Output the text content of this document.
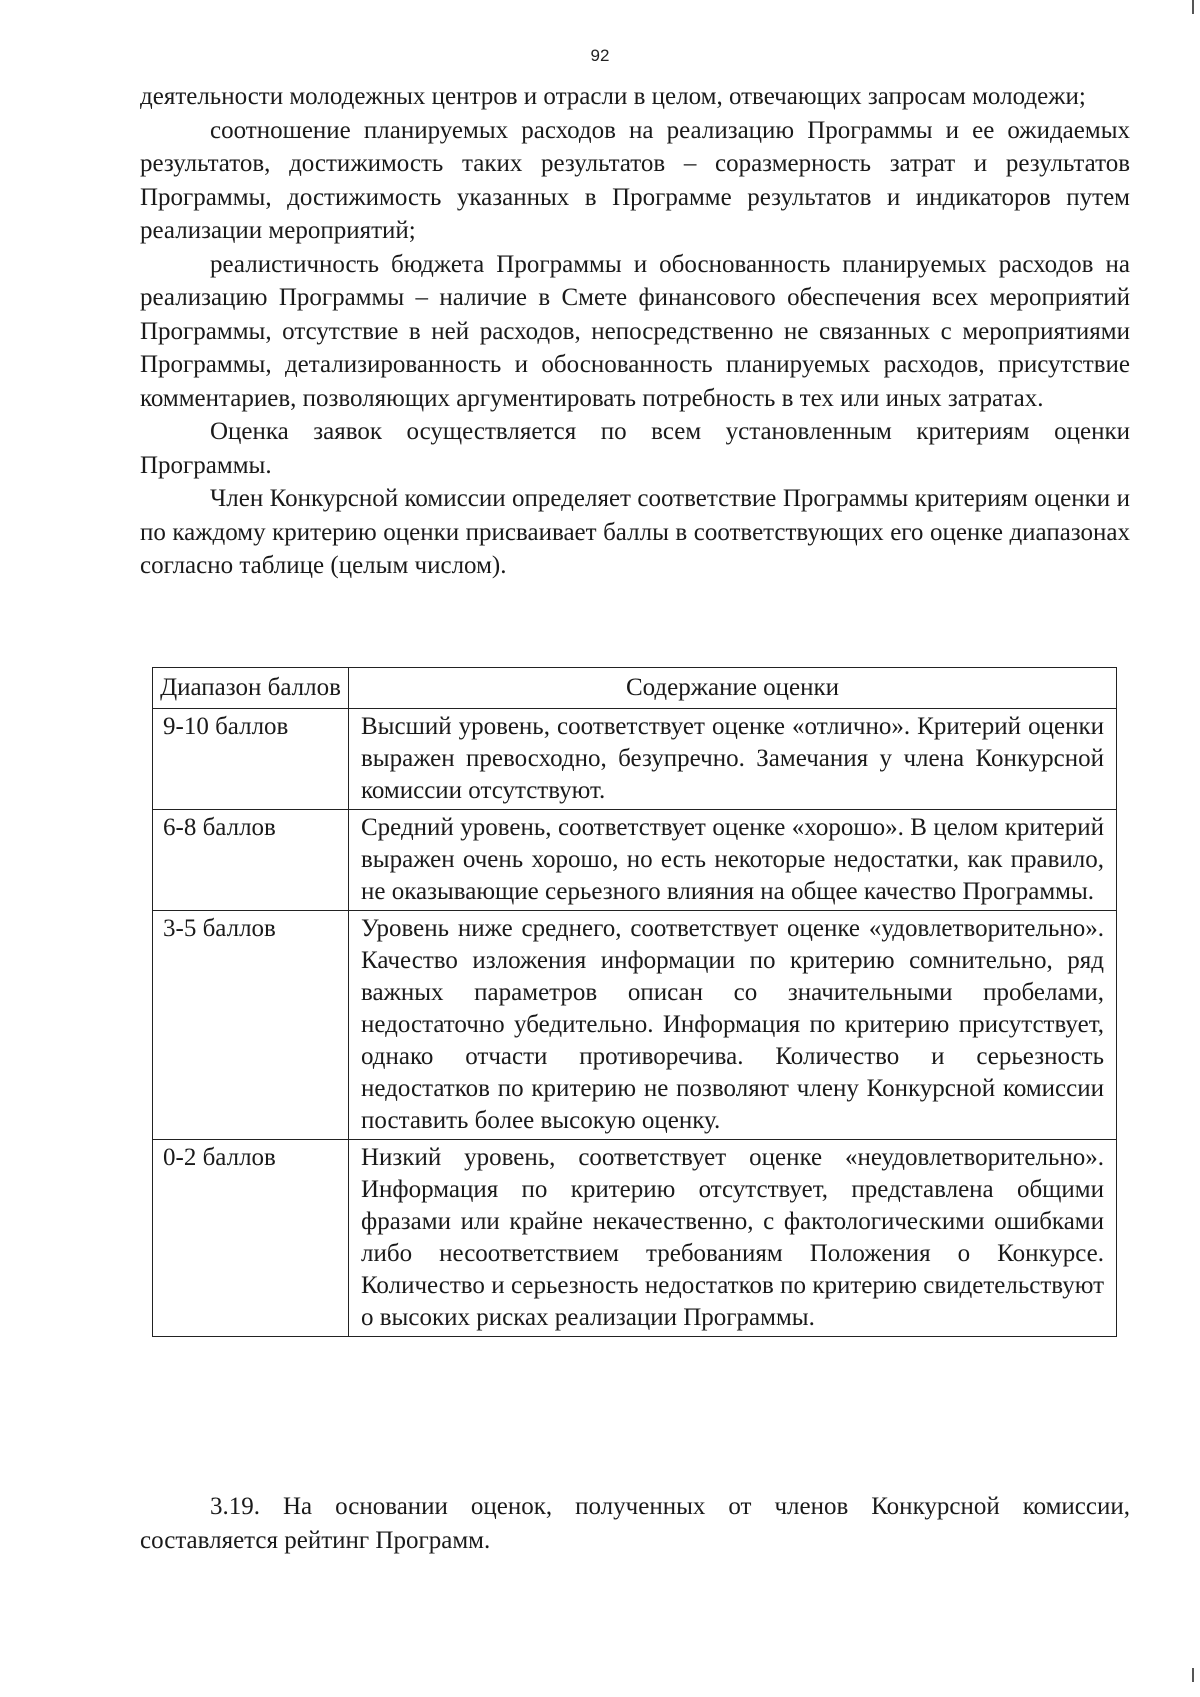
92

деятельности молодежных центров и отрасли в целом, отвечающих запросам молодежи;

соотношение планируемых расходов на реализацию Программы и ее ожидаемых результатов, достижимость таких результатов – соразмерность затрат и результатов Программы, достижимость указанных в Программе результатов и индикаторов путем реализации мероприятий;

реалистичность бюджета Программы и обоснованность планируемых расходов на реализацию Программы – наличие в Смете финансового обеспечения всех мероприятий Программы, отсутствие в ней расходов, непосредственно не связанных с мероприятиями Программы, детализированность и обоснованность планируемых расходов, присутствие комментариев, позволяющих аргументировать потребность в тех или иных затратах.

Оценка заявок осуществляется по всем установленным критериям оценки Программы.

Член Конкурсной комиссии определяет соответствие Программы критериям оценки и по каждому критерию оценки присваивает баллы в соответствующих его оценке диапазонах согласно таблице (целым числом).

Диапазон баллов	Содержание оценки
9-10 баллов	Высший уровень, соответствует оценке «отлично». Критерий оценки выражен превосходно, безупречно. Замечания у члена Конкурсной комиссии отсутствуют.
6-8 баллов	Средний уровень, соответствует оценке «хорошо». В целом критерий выражен очень хорошо, но есть некоторые недостатки, как правило, не оказывающие серьезного влияния на общее качество Программы.
3-5 баллов	Уровень ниже среднего, соответствует оценке «удовлетворительно». Качество изложения информации по критерию сомнительно, ряд важных параметров описан со значительными пробелами, недостаточно убедительно. Информация по критерию присутствует, однако отчасти противоречива. Количество и серьезность недостатков по критерию не позволяют члену Конкурсной комиссии поставить более высокую оценку.
0-2 баллов	Низкий уровень, соответствует оценке «неудовлетворительно». Информация по критерию отсутствует, представлена общими фразами или крайне некачественно, с фактологическими ошибками либо несоответствием требованиям Положения о Конкурсе. Количество и серьезность недостатков по критерию свидетельствуют о высоких рисках реализации Программы.

3.19. На основании оценок, полученных от членов Конкурсной комиссии, составляется рейтинг Программ.
